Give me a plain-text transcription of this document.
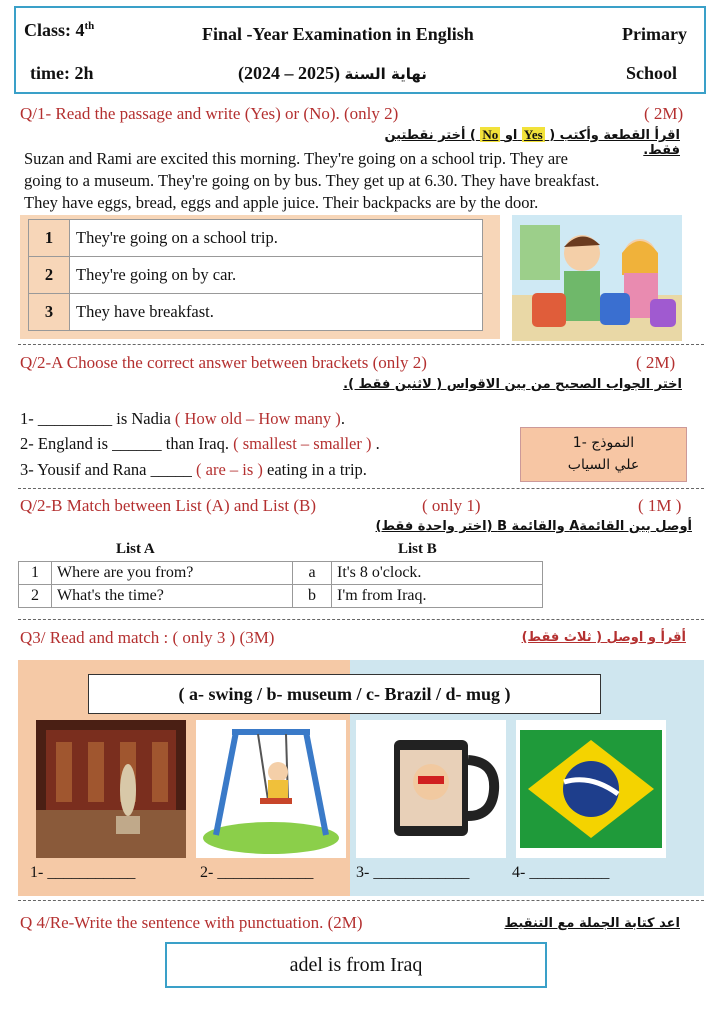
Class: 4th	Final -Year Examination in English	Primary
time: 2h	(2024 – 2025) نهاية السنة	School
Q/1- Read the passage and write (Yes) or (No). (only 2)	( 2M)
اقرأ القطعة وأكتب ( Yes او No ) أختر نقطتين فقط.
Suzan and Rami are excited this morning. They're going on a school trip. They are
going to a museum. They're going on by bus. They get up at 6.30. They have breakfast.
They have eggs, bread, eggs and apple juice. Their backpacks are by the door.
1	They're going on a school trip.
2	They're going on by car.
3	They have breakfast.
Q/2-A Choose the correct answer between brackets (only 2)	( 2M)
اختر الجواب الصحيح من بين الاقواس ( لاثنين فقط ).
1- _________ is Nadia ( How old – How many ).
2- England is ______ than Iraq. ( smallest – smaller ) .
3- Yousif and Rana _____ ( are – is ) eating in a trip.
النموذج -1
علي السياب
Q/2-B Match between List (A) and List (B)	( only 1)	( 1M )
أوصل بين القائمةA والقائمة B (اختر واحدة فقط)
List A	List B
1	Where are you from?	a	It's 8 o'clock.
2	What's the time?	b	I'm from Iraq.
Q3/ Read and match : ( only 3 ) (3M)	أقرأ و اوصل ( ثلاث فقط)
( a- swing / b- museum / c- Brazil / d- mug )
1- ___________	2- ____________	3- ____________	4- __________
Q 4/Re-Write the sentence with punctuation. (2M)	اعد كتابة الجملة مع التنقيط
adel is from Iraq
